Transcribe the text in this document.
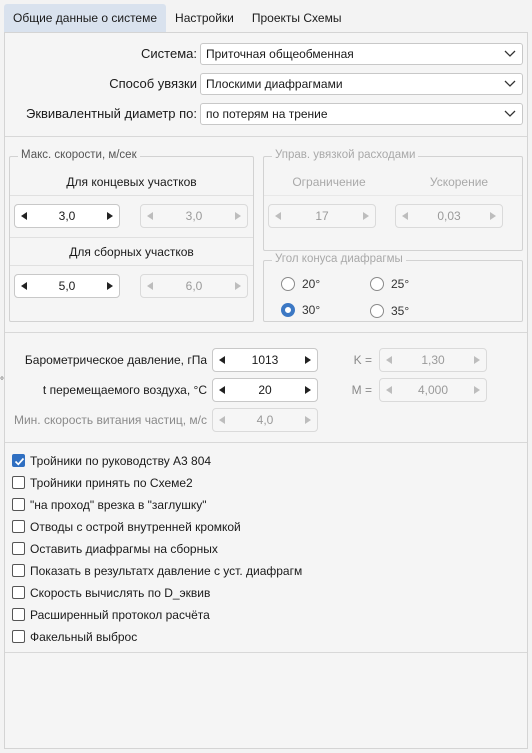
Общие данные о системе	Настройки	Проекты Схемы
Система: Приточная общеобменная
Способ увязки Плоскими диафрагмами
Эквивалентный диаметр по: по потерям на трение
Макс. скорости, м/сек
Для концевых участков
3,0	3,0
Для сборных участков
5,0	6,0
Управ. увязкой расходами
Ограничение	Ускорение
17	0,03
Угол конуса диафрагмы
20°	25°
30°	35°
Барометрическое давление, гПа	1013	K =	1,30
t перемещаемого воздуха, °C	20	M =	4,000
Мин. скорость витания частиц, м/с	4,0
Тройники по руководству А3 804
Тройники принять по Схеме2
"на проход" врезка в "заглушку"
Отводы с острой внутренней кромкой
Оставить диафрагмы на сборных
Показать в результатх давление с уст. диафрагм
Скорость вычислять по D_эквив
Расширенный протокол расчёта
Факельный выброс
°
